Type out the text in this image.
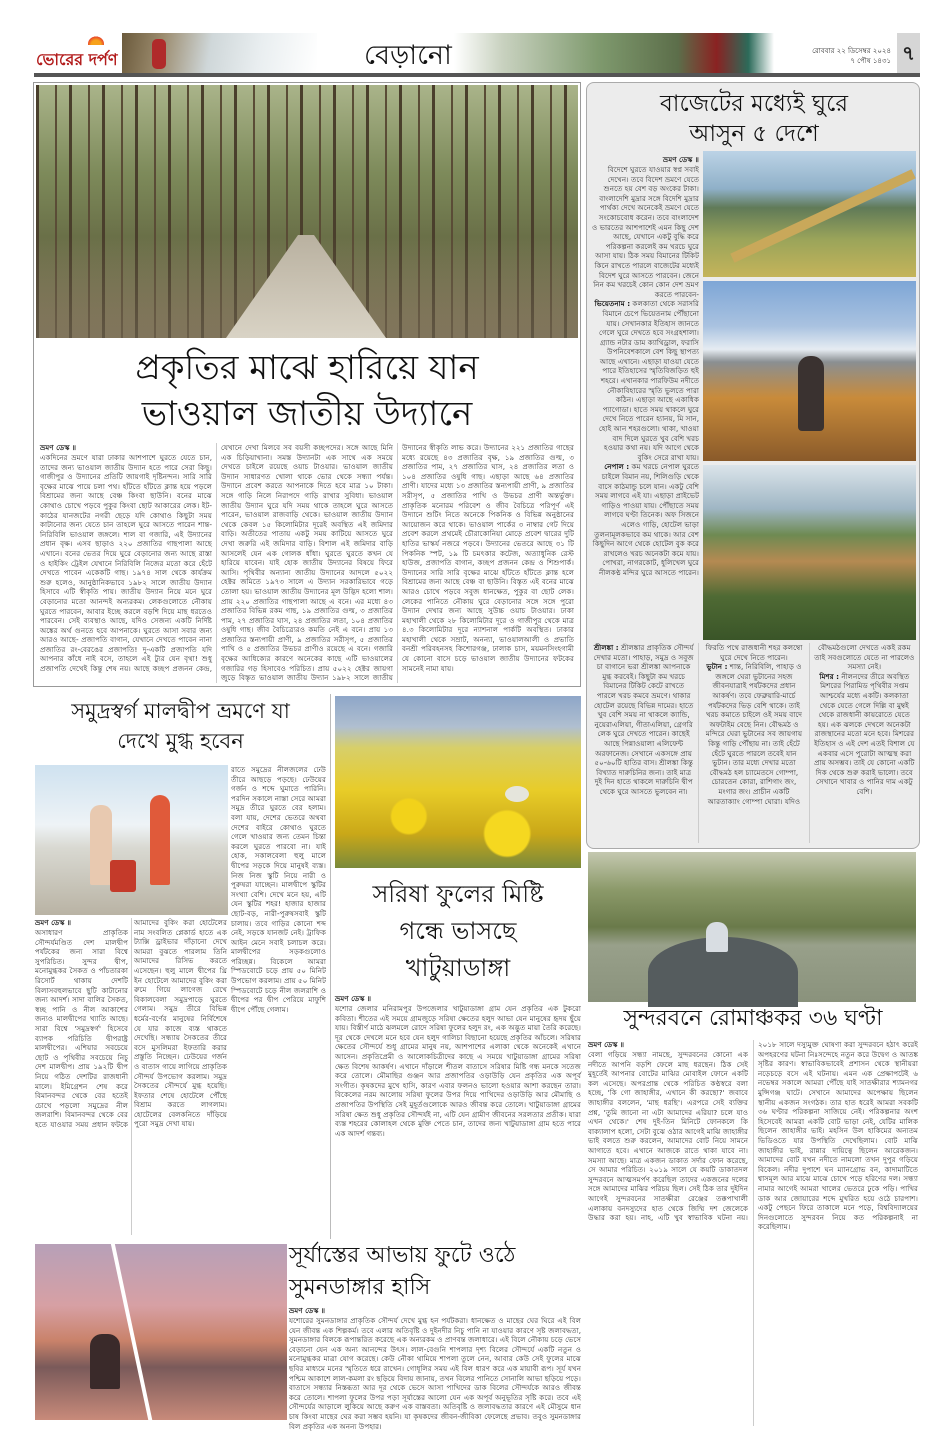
ভোরের দর্পণ	বেড়ানো	রোববার ২২ ডিসেম্বর ২০২৪
৭ পৌষ ১৪৩১ ৭
প্রকৃতির মাঝে হারিয়ে যান
ভাওয়াল জাতীয় উদ্যানে
ভ্রমণ ডেস্ক ॥

একদিনের ভ্রমণে যারা ঢাকার আশপাশে ঘুরতে যেতে চান, তাদের জন্য ভাওয়াল জাতীয় উদ্যান হতে পারে সেরা কিছু। গাজীপুর ও উদ্যানের প্রতিটি জায়গাই দৃষ্টিনন্দন। সারি সারি বৃক্ষের মাঝে পায়ে চলা পথ। হাঁটতে হাঁটতে ক্লান্ত হয়ে পড়লে বিশ্রামের জন্য আছে বেঞ্চ কিংবা ছাউনি। বনের মাঝে কোথাও চোখে পড়বে পুকুর কিংবা ছোট আকারের লেক। ইট-কাঠের যানজটের নগরী ছেড়ে যদি কোথাও কিছুটা সময় কাটানোর জন্য যেতে চান তাহলে ঘুরে আসতে পারেন শান্ত-নিরিবিলি ভাওয়াল জঙ্গলে। শাল বা গজারি, এই উদ্যানের প্রধান বৃক্ষ। এসব ছাড়াও ২২০ প্রজাতির গাছপালা আছে এখানে। বনের ভেতর দিয়ে ঘুরে বেড়ানোর জন্য আছে রাস্তা ও হাইকিং ট্রেইল যেখানে নিরিবিলি নিজের মতো করে হেঁটে দেখতে পাবেন একেকটি গাছ। ১৯৭৪ সাল থেকে কার্যক্রম শুরু হলেও, আনুষ্ঠানিকভাবে ১৯৮২ সালে জাতীয় উদ্যান হিসাবে এটি স্বীকৃতি পায়। জাতীয় উদ্যান নিয়ে মনে ঘুরে বেড়ানোর মতো আনন্দই অন্যরকম। লেকগুলোতে নৌকায় ঘুরতে পারবেন, আবার ইচ্ছে করলে বড়শি দিয়ে মাছ ধরতেও পারবেন। সেই ব্যবস্থাও আছে, যদিও সেজন্য একটি নির্দিষ্ট অঙ্কের অর্থ গুনতে হবে আপনাকে। ঘুরতে আসা সবার জন্য আরও আছে- প্রজাপতি বাগান, যেখানে দেখতে পাবেন নানা প্রজাতির রং-বেরঙের প্রজাপতি! দু-একটি প্রজাপতি যদি আপনার কাঁধে নাই বসে, তাহলে এই ট্যুর যেন বৃথা! শুধু প্রজাপতি দেখেই কিন্তু শেষ নয়। আছে কচ্ছপ প্রজনন কেন্দ্র, যেখানে দেখা মিলবে সব বয়সী কচ্ছপদের। সঙ্গে আছে মিনি এক চিড়িয়াখানা। সমস্ত উদ্যানটা এক সাথে এক সময়ে দেখতে চাইলে রয়েছে ওয়াচ টাওয়ার। ভাওয়াল জাতীয় উদ্যান সাধারণত খোলা থাকে ভোর থেকে সন্ধ্যা পর্যন্ত। উদ্যানে প্রবেশ করতে আপনাকে দিতে হবে মাত্র ১০ টাকা। সঙ্গে গাড়ি নিলে নিরাপদে গাড়ি রাখার সুবিধা। ভাওয়াল জাতীয় উদ্যান ঘুরে যদি সময় থাকে তাহলে ঘুরে আসতে পারেন, ভাওয়াল রাজবাড়ি থেকে। ভাওয়াল জাতীয় উদ্যান থেকে কেবল ১৫ কিলোমিটার দূরেই অবস্থিত এই জমিদার বাড়ি। অতীতের পাতায় একটু সময় কাটিয়ে আসতে ঘুরে দেখা জরুরি এই জমিদার বাড়ি। বিশাল এই জমিদার বাড়ি আসলেই যেন এক গোলক ধাঁধা। ঘুরতে ঘুরতে কখন যে হারিয়ে যাবেন। যাই হোক জাতীয় উদ্যানের বিষয়ে ফিরে আসি। পৃথিবীর অন্যান্য জাতীয় উদ্যানের আদলে ৫০২২ হেক্টর জমিতে ১৯৭৩ সালে এ উদ্যান সরকারিভাবে গড়ে তোলা হয়। ভাওয়াল জাতীয় উদ্যানের মূল উদ্ভিদ হলো শাল। প্রায় ২২০ প্রজাতির গাছপালা আছে এ বনে। এর মধ্যে ৪৩ প্রজাতির বিভিন্ন রকম গাছ, ১৯ প্রজাতির গুল্ম, ৩ প্রজাতির পাম, ২৭ প্রজাতির ঘাস, ২৪ প্রজাতির লতা, ১০৪ প্রজাতির ওষুধি গাছ। জীব বৈচিত্র্যেরও কমতি নেই এ বনে। প্রায় ১৩ প্রজাতির স্তন্যপায়ী প্রাণী, ৯ প্রজাতির সরীসৃপ, ৫ প্রজাতির পাখি ও ৫ প্রজাতির উভচর প্রাণীও রয়েছে এ বনে। গজারি বৃক্ষের আধিক্যের কারণে অনেকের কাছে এটি ভাওয়ালের গজারির গড় হিসাবেও পরিচিত। প্রায় ৫০২২ হেক্টর জায়গা জুড়ে বিস্তৃত ভাওয়াল জাতীয় উদ্যান ১৯৮২ সালে জাতীয় উদ্যানের স্বীকৃতি লাভ করে। উদ্যানের ২২১ প্রজাতির গাছের মধ্যে রয়েছে ৪৩ প্রজাতির বৃক্ষ, ১৯ প্রজাতির গুল্ম, ৩ প্রজাতির পাম, ২৭ প্রজাতির ঘাস, ২৪ প্রজাতির লতা ও ১০৪ প্রজাতির ওষুধি গাছ। এছাড়া আছে ৬৪ প্রজাতির প্রাণী। যাদের মধ্যে ১৩ প্রজাতির স্তন্যপায়ী প্রাণী, ৯ প্রজাতির সরীসৃপ, ৫ প্রজাতির পাখি ও উভচর প্রাণী অন্তর্ভুক্ত। প্রাকৃতিক মনোরম পরিবেশ ও জীব বৈচিত্রে পরিপূর্ণ এই উদ্যানে শুটিং নিতে অনেকে পিকনিক ও বিভিন্ন অনুষ্ঠানের আয়োজন করে থাকে। ভাওয়াল পার্কের ৩ নাম্বার গেট দিয়ে প্রবেশ করলে প্রথমেই চৌরাকোনিয়া মোড়ে প্রবেশ দ্বারের দুটি হাতির ভাস্কর্য নজরে পড়বে। উদ্যানের ভেতরে আছে ৩১ টি পিকনিক স্পট, ১৯ টি চমৎকার কটেজ, অত্যাধুনিক রেস্ট হাউজ, প্রজাপতি বাগান, কচ্ছপ প্রজনন কেন্দ্র ও শিশুপার্ক। উদ্যানের সারি সারি বৃক্ষের মাঝে হাঁটতে হাঁটতে ক্লান্ত হলে বিশ্রামের জন্য আছে বেঞ্চ বা ছাউনি। বিস্তৃত এই বনের মাঝে আরও চোখে পড়বে সবুজ ধানক্ষেত, পুকুর বা ছোট লেক। লেকের পানিতে নৌকায় ঘুরে বেড়ানোর সঙ্গে সঙ্গে পুরো উদ্যান দেখার জন্য আছে সুউচ্চ ওয়াচ টাওয়ার। ঢাকা মহাখালী থেকে ২৮ কিলোমিটার দূরে ও গাজীপুর থেকে মাত্র ৪.৩ কিলোমিটার দূরে ন্যাশনাল পার্কটি অবস্থিত। ঢাকার মহাখালী থেকে সম্রাট, অনন্যা, ভাওয়ালআলী ও প্রভাতি বনশ্রী পরিবহনসহ কিশোরগঞ্জ, ঢালাক চাস, ময়মনসিংহগামী যে কোনো বাসে চড়ে ভাওয়াল জাতীয় উদ্যানের ফটকের সামনেই নামা যায়।

বাজেটের মধ্যেই ঘুরে
আসুন ৫ দেশে
ভ্রমণ ডেস্ক ॥

বিদেশে ঘুরতে যাওয়ার স্বপ্ন সবাই দেখেন। তবে বিদেশ ভ্রমণে যেতে শুনতে হয় বেশ বড় অংকের টাকা। বাংলাদেশি মুদ্রার সঙ্গে বিদেশি মুদ্রার পার্থক্য দেখে অনেকেই ভ্রমণে যেতে সংকোচবোধ করেন। তবে বাংলাদেশ ও ভারতের আশপাশেই এমন কিছু দেশ আছে, যেখানে একটু বুদ্ধি করে পরিকল্পনা করলেই কম খরচে ঘুরে আসা যায়। ঠিক সময় বিমানের টিকিট কিনে রাখতে পারলে বাজেটের মধ্যেই বিদেশ ঘুরে আসতে পারবেন। জেনে নিন কম খরচেই কোন কোন দেশ ভ্রমণ করতে পারবেন-

ভিয়েতনাম : কলকাতা থেকে সরাসরি বিমানে চেপে ভিয়েতনাম পৌঁছানো যায়। সেখানকার ইতিহাস জানতে গেলে ঘুরে দেখতে হবে সংগ্রহশালা। গ্র্যান্ড নটার ডাম ক্যাথিড্রাল, ফরাসি উপনিবেশকালে বেশ কিছু স্থাপত্য আছে এখানে। এছাড়া যাওয়া যেতে পারে ইতিহাসের স্মৃতিবিজড়িত হুই শহরে। এখানকার পারফিউম নদীতে নৌকাবিহারের স্মৃতি ভুলতে পারা কঠিন। এছাড়া আছে একাধিক প্যাগোডা। হাতে সময় থাকলে ঘুরে দেখে নিতে পারেন হ্যানয়, মি সান, হোই আন শহরগুলো। থাকা, খাওয়া বাদ দিলে ঘুরতে খুব বেশি খরচ হওয়ার কথা নয়। যদি আগে থেকে বুকিং সেরে রাখা যায়।

নেপাল : কম খরচে নেপাল ঘুরতে চাইলে বিমান নয়, শিলিগুড়ি থেকে বাসে কাঠমান্ডু চলে যান। একটু বেশি সময় লাগবে এই যা। এছাড়া প্রাইভেট গাড়িও পাওয়া যায়। পৌঁছাতে সময় লাগবে ঘণ্টা তিনেক। অফ সিজনে এলেও গাড়ি, হোটেল ভাড়া তুলনামূলকভাবে কম থাকে। আর বেশ কিছুদিন আগে থেকে হোটেল বুক করে রাখলেও খরচ অনেকটা কমে যায়। পোখরা, নাগরকোট, ধুলিখেল ঘুরে নীলকণ্ঠ মন্দির ঘুরে আসতে পারেন।

শ্রীলঙ্কা : শ্রীলঙ্কার প্রাকৃতিক সৌন্দর্য দেখার মতো। পাহাড়, সমুদ্র ও সবুজ চা বাগানে ভরা শ্রীলঙ্কা আপনাকে মুগ্ধ করবেই। কিছুটা কম খরচে বিমানের টিকিট কেটে রাখতে পারলে খরচ কমবে ভ্রমণে। থাকার হোটেল রয়েছে বিভিন্ন দামের। হাতে খুব বেশি সময় না থাকলে ক্যান্ডি, নুয়েরাএলিয়া, গীতাএলিয়া, গ্রেগরি লেক ঘুরে দেখতে পারেন। কাছেই আছে পিন্নাওয়ালা এলিফেন্ট অরফানেজ। সেখানে একসঙ্গে প্রায় ৫০-৬০টি হাতির বাস। শ্রীলঙ্কা কিন্তু বিখ্যাত দারুচিনির জন্য। তাই মাত্র দুই দিন হাতে থাকলে দারুচিনি দ্বীপ থেকে ঘুরে আসতে ভুলবেন না। ফিরতি পথে রাজধানী শহর কলম্বো ঘুরে দেখে নিতে পারেন।

ভুটান : শান্ত, নিরিবিলি, পাহাড় ও জঙ্গলে ঘেরা ভুটানের সহজ জীবনযাত্রাই পর্যটকদের প্রধান আকর্ষণ। তবে ফেব্রুয়ারি-মার্চে পর্যটকদের ভিড় বেশি থাকে। তাই খরচ কমাতে চাইলে ওই সময় বাদে অফটাইম বেছে নিন। বৌদ্ধমঠ ও মন্দিরে ঘেরা ভুটানের সব জায়গায় কিন্তু গাড়ি পৌঁছায় না। তাই হেঁটে হেঁটে ঘুরতে পারলে তবেই যান ভুটান। তার মধ্যে দেখার মতো বৌদ্ধমঠ হল চ্যামেতসে গোম্পা, চোরতেন কোরা, রাশিগাং জং, মংগার জং। প্রাচীন একটি আরতাক্যাং গোম্পা ঘোরা। যদিও বৌদ্ধমঠগুলো দেখতে একই রকম তাই সবগুলোতে যেতে না পারলেও সমস্যা নেই।

মিশর : নীলনদের তীরে অবস্থিত মিশরের পিরামিড পৃথিবীর সপ্তম আশ্চর্যের মধ্যে একটি। কলকাতা থেকে যেতে গেলে দিল্লি বা মুম্বই থেকে রাজধানী কায়রোতে যেতে হয়। এক ঝলকে দেখলে অনেকটা রাজস্থানের মতো মনে হবে। মিশরের ইতিহাস ও এই দেশ এতই বিশাল যে একবার এসে পুরোটা আত্মস্থ করা প্রায় অসম্ভব। তাই যে কোনো একটি দিক থেকে শুরু করাই ভালো। তবে সেখানে খাবার ও পানির দাম একটু বেশি।

সমুদ্রস্বর্গ মালদ্বীপ ভ্রমণে যা
দেখে মুগ্ধ হবেন

রাতে সমুদ্রের নীলজলের ঢেউ তীরে আছড়ে পড়ছে। ঢেউয়ের গর্জন ও শব্দে ঘুমাতে পারিনি। পরদিন সকালে নাস্তা সেরে আমরা সমুদ্র তীরে ঘুরতে বের হলাম। বলা যায়, দেশের ভেতরে অথবা দেশের বাইরে কোথাও ঘুরতে গেলে খাওয়ার জন্য তেমন চিন্তা করলে ঘুরতে পারবো না। যাই হোক, সকালবেলা হুলু মালে দ্বীপের সড়কে দিয়ে মানুষই ব্যস্ত। নিজ নিজ স্কুটি নিয়ে নারী ও পুরুষরা যাচ্ছেন। মালদ্বীপে স্কুটির সংখ্যা বেশি। দেখে মনে হয়, এটি যেন স্কুটির শহর! হাজার হাজার ছোট-বড়, নারী-পুরুষসবাই স্কুটি চালায়। তবে গাড়ির কোনো শব্দ নেই, সড়কে যানজট নেই। ট্রাফিক আইন মেনে সবাই চলাচল করে। মালদ্বীপের সড়কগুলোও পরিচ্ছন্ন। বিকেলে আমরা স্পিডবোটে চড়ে প্রায় ৫০ মিনিট উপভোগ করলাম। প্রায় ৫০ মিনিট স্পিডবোটে চড়ে নীল জলরাশি ও দ্বীপের পর দ্বীপ পেরিয়ে মাফুশি দ্বীপে পৌঁছে গেলাম।

ভ্রমণ ডেস্ক ॥

অসাধারণ প্রাকৃতিক সৌন্দর্যমণ্ডিত দেশ মালদ্বীপ পর্যটকের জন্য সারা বিশ্বে সুপরিচিত। সুন্দর দ্বীপ, মনোমুগ্ধকর সৈকত ও পাঁচতারকা রিসোর্ট থাকায় দেশটি বিলাসবহুলভাবে ছুটি কাটানোর জন্য আদর্শ। সাদা বালির সৈকত, স্বচ্ছ পানি ও নীল আকাশের জন্যও মালদ্বীপের খ্যাতি আছে। সারা বিশ্বে 'সমুদ্রস্বর্গ' হিসেবে ব্যাপক পরিচিতি দ্বীপরাষ্ট্র মালদ্বীপের। এশিয়ার সবচেয়ে ছোট ও পৃথিবীর সবচেয়ে নিচু দেশ মালদ্বীপ। প্রায় ১৯২টি দ্বীপ নিয়ে গঠিত দেশটির রাজধানী মালে। ইমিগ্রেশন শেষ করে বিমানবন্দর থেকে বের হতেই চোখে পড়লো সমুদ্রের নীল জলরাশি। বিমানবন্দর থেকে বের হতে যাওয়ার সময় প্রধান ফটকে আমাদের বুকিং করা হোটেলের নাম সংবলিত প্লেকার্ড হাতে এক ট্যাক্সি ড্রাইভার দাঁড়ানো দেখে আমরা বুঝতে পারলাম তিনি আমাদের রিসিভ করতে এসেছেন। হুলু মালে দ্বীপের থ্রি ইন হোটেলে আমাদের বুকিং করা রুমে গিয়ে লাগেজ রেখে বিকালবেলা সমুদ্রপাড়ে ঘুরতে গেলাম। সমুদ্র তীরে বিভিন্ন ধর্মের-বর্ণের মানুষের নির্বিশেষে যে যার কাজে ব্যস্ত থাকতে দেখেছি। সন্ধ্যায় সৈকতের তীরে বসে মুসলিমরা ইফতারি করার প্রস্তুতি নিচ্ছেন। ঢেউয়ের গর্জন ও বাতাস গায়ে লাগিয়ে প্রাকৃতিক সৌন্দর্য উপভোগ করলাম। সমুদ্র সৈকতের সৌন্দর্যে মুগ্ধ হয়েছি। ইফতার শেষে হোটেলে পৌঁছে বিশ্রাম করতে লাগলাম। হোটেলের বেলকনিতে দাঁড়িয়ে পুরো সমুদ্র দেখা যায়।

সরিষা ফুলের মিষ্টি
গন্ধে ভাসছে
খাটুয়াডাঙ্গা
ভ্রমণ ডেস্ক ॥

যশোর জেলার মনিরামপুর উপজেলার খাটুয়াডাঙ্গা গ্রাম যেন প্রকৃতির এক টুকরো কবিতা। শীতের এই সময়ে গ্রামজুড়ে সরিষা ক্ষেতের হলুদ আভা যেন মানুষের হৃদয় ছুঁয়ে যায়। বিস্তীর্ণ মাঠে ঝলমলে রোদে সরিষা ফুলের হলুদ রং, এক অদ্ভুত মায়া তৈরি করেছে। দূর থেকে দেখলে মনে হবে যেন হলুদ গালিচা বিছানো হয়েছে প্রকৃতির আঁচলে। সরিষার ক্ষেতের সৌন্দর্যে শুধু গ্রামের মানুষ নয়, আশপাশের এলাকা থেকে অনেকেই এখানে আসেন। প্রকৃতিপ্রেমী ও আলোকচিত্রীদের কাছে এ সময়ে খাটুয়াডাঙ্গা গ্রামের সরিষা ক্ষেত বিশেষ আকর্ষণ। এখানে দাঁড়ালে শীতল বাতাসে সরিষার মিষ্টি গন্ধ মনকে সতেজ করে তোলে। মৌমাছির গুঞ্জন আর প্রজাপতির ওড়াউড়ি যেন প্রকৃতির এক অপূর্ব সংগীত। কৃষকদের মুখে হাসি, কারণ এবার ফলনও ভালো হওয়ার আশা করছেন তারা। বিকেলের নরম আলোয় সরিষা ফুলের উপর দিয়ে পাখিদের ওড়াউড়ি আর মৌমাছি ও প্রজাপতির উপস্থিতি সেই মুহূর্তগুলোকে আরও জীবন্ত করে তোলে। খাটুয়াডাঙ্গা গ্রামের সরিষা ক্ষেত শুধু প্রকৃতির সৌন্দর্যই না, এটি যেন গ্রামীণ জীবনের সরলতার প্রতীক। যারা ব্যস্ত শহরের কোলাহল থেকে মুক্তি পেতে চান, তাদের জন্য খাটুয়াডাঙ্গা গ্রাম হতে পারে এক আদর্শ গন্তব্য।

সুন্দরবনে রোমাঞ্চকর ৩৬ ঘণ্টা
ভ্রমণ ডেস্ক ॥

বেলা গড়িয়ে সন্ধ্যা নামছে, সুন্দরবনের কোনো এক নদীতে আপনি বড়শি ফেলে মাছ ধরছেন। ঠিক সেই মুহূর্তেই আপনার বোটের মাঝির মোবাইল ফোনে একটি কল এসেছে। অপরপ্রান্ত থেকে পরিচিত কণ্ঠস্বরে বলা হচ্ছে, 'কি গো জাহাঙ্গীর, এখানে কী করছো?' জবাবে জাহাঙ্গীর বললেন, 'মাছ ধরছি'। এরপরে সেই ব্যক্তির প্রশ্ন, 'তুমি জানো না এটা আমাদের এরিয়া? চলে যাও এখন থেকে।' শেষ দুই-তিন মিনিটে ফোনকলে কি বাক্যালাপ হলো, সেটা বুঝে ওঠার আগেই মাঝি জাহাঙ্গীর ভাই বলতে শুরু করলেন, আমাদের বোট নিয়ে সামনে আগাতে হবে। এখানে আজকে রাতে থাকা যাবে না। সমস্যা আছে। মাত্র একজন ডাকাত সর্দার ফোন করেছে, সে আমার পরিচিত। ২০১৯ সালে যে কয়টি ডাকাতদল সুন্দরবনে আত্মসমর্পণ করেছিল তাদের একজনের দলের সঙ্গে আমাদের মাঝির পরিচয় ছিল। সেই ঠিক তার দুইদিন আগেই সুন্দরবনের সাতক্ষীরা রেঞ্জের তক্কপাখালী এলাকায় বনদস্যুদের হাত থেকে জিম্মি দশ জেলেকে উদ্ধার করা হয়। নাহ, এটি খুব স্বাভাবিক ঘটনা নয়। ২০১৮ সালে দস্যুমুক্ত ঘোষণা করা সুন্দরবনে হঠাৎ করেই অপহরণের ঘটনা নিঃসন্দেহে নতুন করে উদ্বেগ ও আতঙ্ক সৃষ্টির কারণ। স্বাভাবিকভাবেই প্রশাসন থেকে স্থানীয়রা নড়েচড়ে বসে এই ঘটনায়। এমন এক প্রেক্ষাপটেই ৬ নভেম্বর সকালে আমরা পৌঁছে যাই সাতক্ষীরার শ্যামনগর মুন্সিগঞ্জ ঘাটে। সেখানে আমাদের অপেক্ষায় ছিলেন স্থানীয় একজন সংগঠক। তার হাত ধরেই আমরা সবকটি ৩৬ ঘণ্টার পরিকল্পনা সাজিয়ে নেই। পরিকল্পনার অংশ হিসেবেই আমরা একটি বোট ভাড়া নেই, যেটির মালিক ছিলেন জাহাঙ্গীর ভাই। মহসিন উল হাকিমের অন্যতম ভিডিওতে যার উপস্থিতি দেখেছিলাম। বোট মাঝি জাহাঙ্গীর ভাই, রান্নার দায়িত্বে ছিলেন আরেকজন। আমাদের বোট যখন নদীতে নামলো তখন দুপুর গড়িয়ে বিকেল। নদীর দুপাশে ঘন ম্যানগ্রোভ বন, কাদামাটিতে শ্বাসমূল আর মাঝে মাঝে চোখে পড়ে হরিণের দল। সন্ধ্যা নামার আগেই আমরা খালের ভেতরে ঢুকে পড়ি। পাখির ডাক আর জোয়ারের শব্দে মুখরিত হয়ে ওঠে চারপাশ। একটু পেছনে ফিরে তাকালে মনে পড়ে, বিশ্ববিদ্যালয়ের দিনগুলোতে সুন্দরবন নিয়ে কত পরিকল্পনাই না করেছিলাম।

সূর্যাস্তের আভায় ফুটে ওঠে
সুমনডাঙ্গার হাসি
ভ্রমণ ডেস্ক ॥

যশোরের সুমনডাঙ্গার প্রাকৃতিক সৌন্দর্য দেখে মুগ্ধ হন পর্যটকরা। ধানক্ষেত ও মাছের ঘের ঘিরে এই বিল যেন জীবন্ত এক শিল্পকর্ম। তবে এলার অতিবৃষ্টি ও দুইনদীর নিচু পানি না যাওয়ার কারণে সৃষ্ট জলাবদ্ধতা, সুমনডাঙ্গার বিলকে রূপান্তরিত করেছে এক অন্যরকম ও প্রাণবন্ত জলাধারে। এই বিলে নৌকায় চড়ে ভেসে বেড়ানো যেন এক অন্য আনন্দের উৎস। লাল-বেগুনি শাপলার দৃশ্য বিলের সৌন্দর্যে একটি নতুন ও মনোমুগ্ধকর মাত্রা যোগ করেছে। কেউ নৌকা থামিয়ে শাপলা তুলে নেন, আবার কেউ সেই ফুলের মাঝে ছবির মাধ্যমে মনের স্মৃতিতে ধরে রাখেন। গোধূলির সময় এই বিল ধারণ করে এক মায়াবী রূপ। সূর্য যখন পশ্চিম আকাশে লাল-কমলা রং ছড়িয়ে বিদায় জানায়, তখন বিলের পানিতে সোনালি আভা ছড়িয়ে পড়ে। বাতাসে সন্ধ্যার নিস্তব্ধতা আর দূর থেকে ভেসে আসা পাখিদের ডাক বিলের সৌন্দর্যকে আরও জীবন্ত করে তোলে। শাপলা ফুলের উপর পড়া সূর্যাস্তের আলো যেন এক অপূর্ব অনুভূতির সৃষ্টি করে। তবে এই সৌন্দর্যের আড়ালে লুকিয়ে আছে করুণ এক বাস্তবতা। অতিবৃষ্টি ও জলাবদ্ধতার কারণে এই মৌসুমে ধান চাষ কিংবা মাছের ঘের করা সম্ভব হয়নি। যা কৃষকদের জীবন-জীবিকা ফেলেছে প্রভাব। তবুও সুমনডাঙ্গার বিল প্রকৃতির এক অনন্য উপহার।
